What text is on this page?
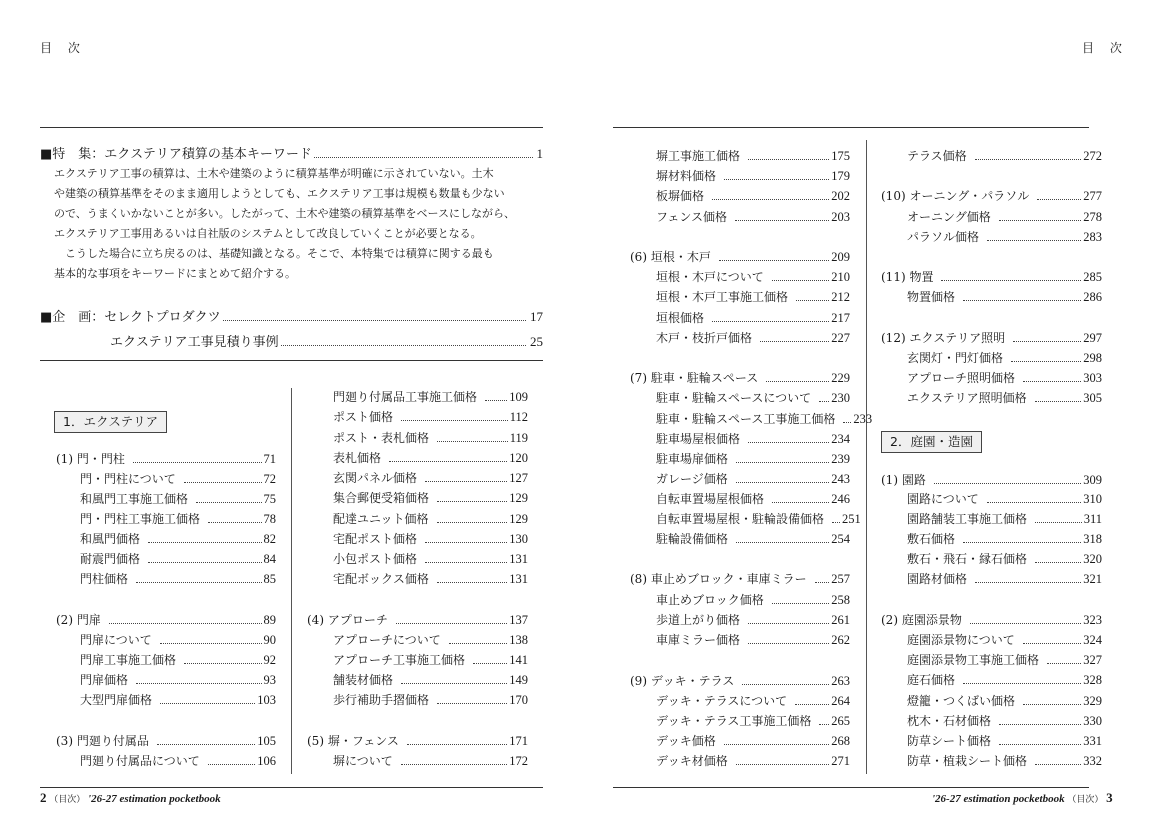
目 次	目 次
■特　集：エクステリア積算の基本キーワード	1

エクステリア工事の積算は、土木や建築のように積算基準が明確に示されていない。土木

や建築の積算基準をそのまま適用しようとしても、エクステリア工事は規模も数量も少ない

ので、うまくいかないことが多い。したがって、土木や建築の積算基準をベースにしながら、

エクステリア工事用あるいは自社版のシステムとして改良していくことが必要となる。

　こうした場合に立ち戻るのは、基礎知識となる。そこで、本特集では積算に関する最も

基本的な事項をキーワードにまとめて紹介する。

■企　画：セレクトプロダクツ	17
エクステリア工事見積り事例	25
1．エクステリア
2．庭園・造園
(1) 門・門柱	71
門・門柱について	72
和風門工事施工価格	75
門・門柱工事施工価格	78
和風門価格	82
耐震門価格	84
門柱価格	85
(2) 門扉	89
門扉について	90
門扉工事施工価格	92
門扉価格	93
大型門扉価格	103
(3) 門廻り付属品	105
門廻り付属品について	106
門廻り付属品工事施工価格	109
ポスト価格	112
ポスト・表札価格	119
表札価格	120
玄関パネル価格	127
集合郵便受箱価格	129
配達ユニット価格	129
宅配ポスト価格	130
小包ポスト価格	131
宅配ボックス価格	131
(4) アプローチ	137
アプローチについて	138
アプローチ工事施工価格	141
舗装材価格	149
歩行補助手摺価格	170
(5) 塀・フェンス	171
塀について	172
塀工事施工価格	175
塀材料価格	179
板塀価格	202
フェンス価格	203
(6) 垣根・木戸	209
垣根・木戸について	210
垣根・木戸工事施工価格	212
垣根価格	217
木戸・枝折戸価格	227
(7) 駐車・駐輪スペース	229
駐車・駐輪スペースについて 230
駐車・駐輪スペース工事施工価格 233
駐車場屋根価格	234
駐車場扉価格	239
ガレージ価格	243
自転車置場屋根価格	246
自転車置場屋根・駐輪設備価格 251
駐輪設備価格	254
(8) 車止めブロック・車庫ミラー 257
車止めブロック価格	258
歩道上がり価格	261
車庫ミラー価格	262
(9) デッキ・テラス	263
デッキ・テラスについて	264
デッキ・テラス工事施工価格 265
デッキ価格	268
デッキ材価格	271
テラス価格	272
(10) オーニング・パラソル	277
オーニング価格	278
パラソル価格	283
(11) 物置	285
物置価格	286
(12) エクステリア照明	297
玄関灯・門灯価格	298
アプローチ照明価格	303
エクステリア照明価格	305
(1) 園路	309
園路について	310
園路舗装工事施工価格	311
敷石価格	318
敷石・飛石・縁石価格	320
園路材価格	321
(2) 庭園添景物	323
庭園添景物について	324
庭園添景物工事施工価格	327
庭石価格	328
燈籠・つくばい価格	329
枕木・石材価格	330
防草シート価格	331
防草・植栽シート価格	332
2 （目次） '26-27 estimation pocketbook	'26-27 estimation pocketbook （目次） 3
